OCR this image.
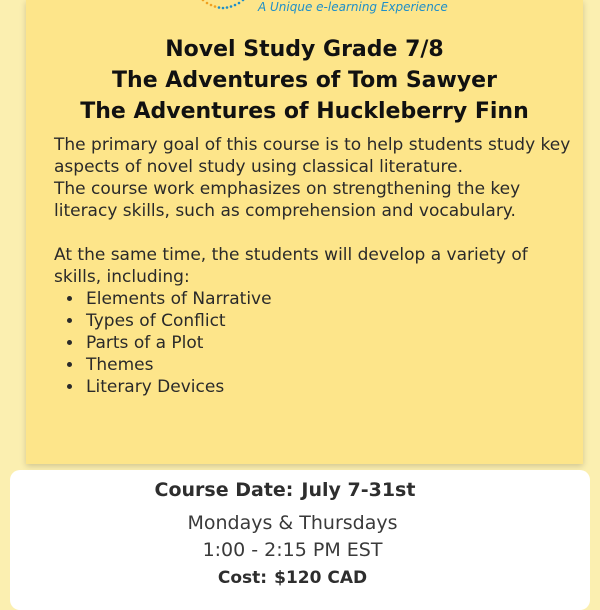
A Unique e-learning Experience
Novel Study Grade 7/8
The Adventures of Tom Sawyer
The Adventures of Huckleberry Finn

The primary goal of this course is to help students study key aspects of novel study using classical literature.

The course work emphasizes on strengthening the key literacy skills, such as comprehension and vocabulary.

At the same time, the students will develop a variety of skills, including:

• Elements of Narrative
• Types of Conflict
• Parts of a Plot
• Themes
• Literary Devices
Course Date: July 7-31st
Mondays & Thursdays
1:00 - 2:15 PM EST
Cost: $120 CAD
